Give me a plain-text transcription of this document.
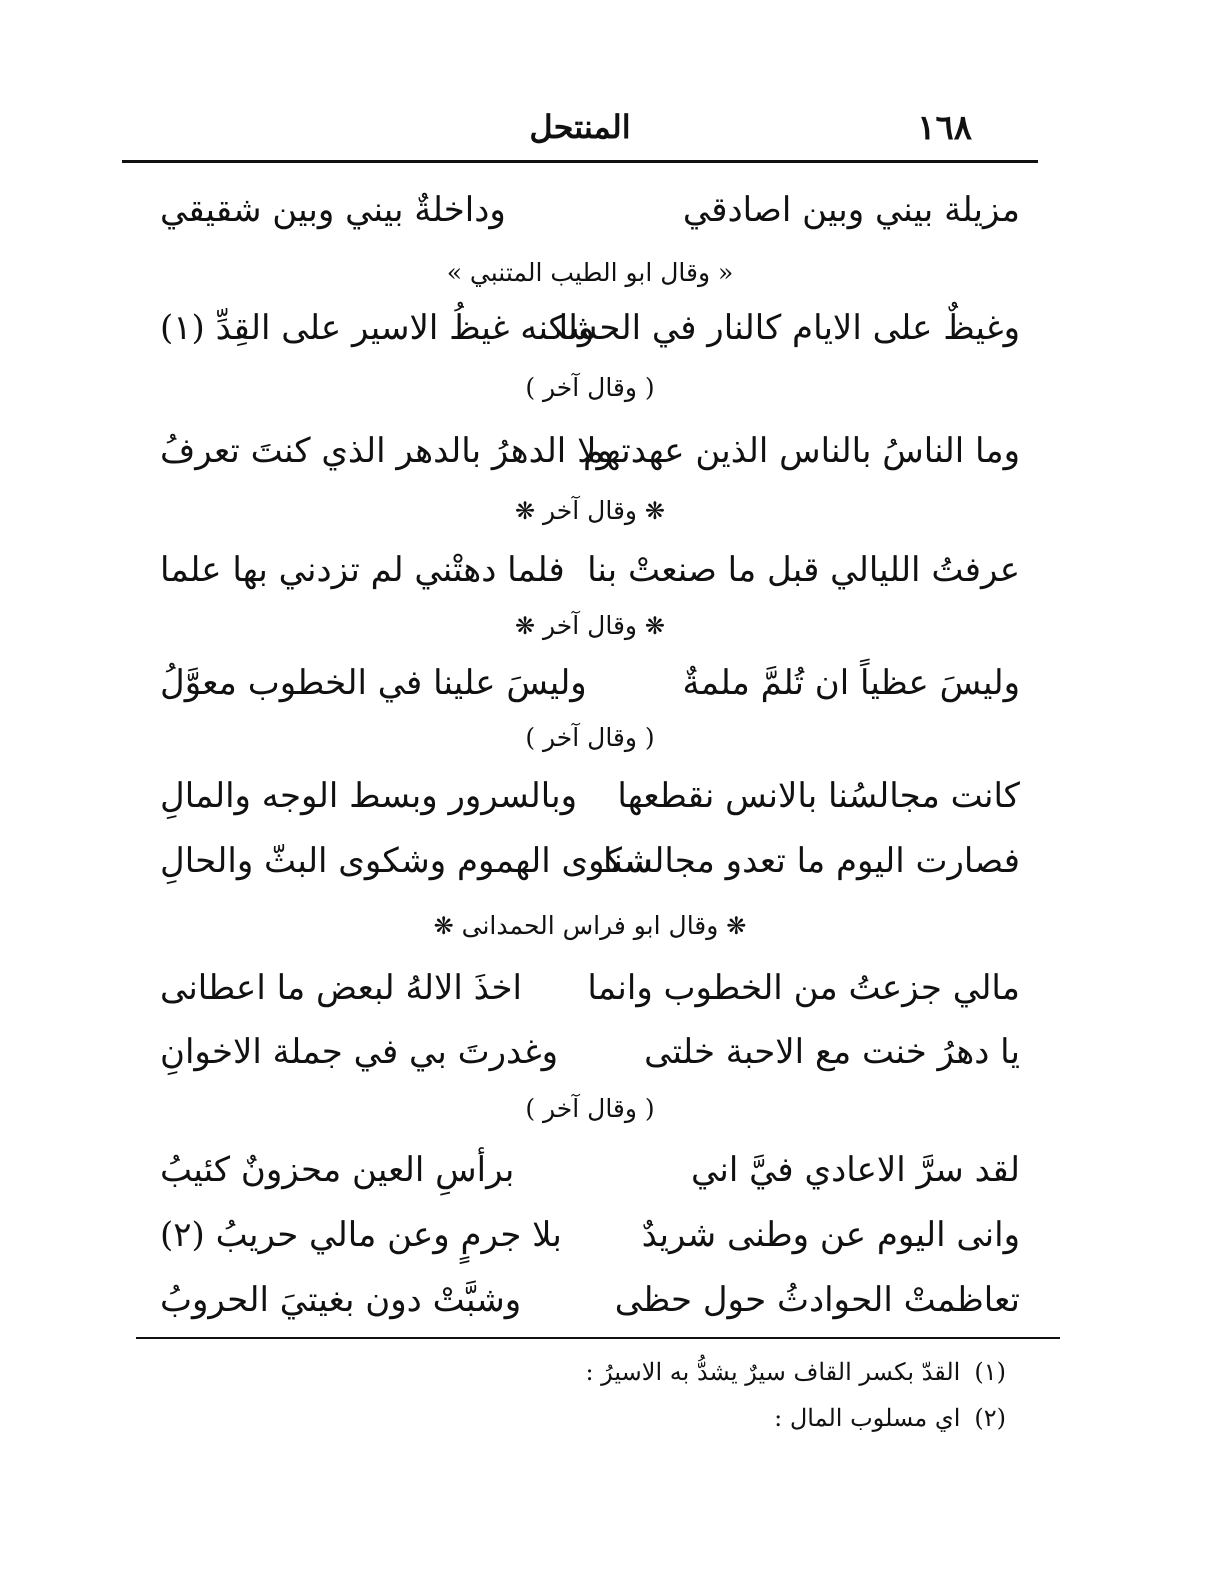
١٦٨
المنتحل
مزيلة بيني وبين اصادقي
وداخلةٌ بيني وبين شقيقي
« وقال ابو الطيب المتنبي »
وغيظٌ على الايام كالنار في الحشا
ولكنه غيظُ الاسير على القِدِّ (١)
( وقال آخر )
وما الناسُ بالناس الذين عهدتهم
ولا الدهرُ بالدهر الذي كنتَ تعرفُ
❋ وقال آخر ❋
عرفتُ الليالي قبل ما صنعتْ بنا
فلما دهتْني لم تزدني بها علما
❋ وقال آخر ❋
وليسَ عظياً ان تُلمَّ ملمةٌ
وليسَ علينا في الخطوب معوَّلُ
( وقال آخر )
كانت مجالسُنا بالانس نقطعها
وبالسرور وبسط الوجه والمالِ
فصارت اليوم ما تعدو مجالسنا
شكوى الهموم وشكوى البثّ والحالِ
❋ وقال ابو فراس الحمدانى ❋
مالي جزعتُ من الخطوب وانما
اخذَ الالهُ لبعض ما اعطانى
يا دهرُ خنت مع الاحبة خلتى
وغدرتَ بي في جملة الاخوانِ
( وقال آخر )
لقد سرَّ الاعادي فيَّ اني
برأسِ العين محزونٌ كئيبُ
وانى اليوم عن وطنى شريدٌ
بلا جرمٍ وعن مالي حريبُ (٢)
تعاظمتْ الحوادثُ حول حظى
وشبَّتْ دون بغيتيَ الحروبُ
(١)القدّ بكسر القاف سيرٌ يشدُّ به الاسيرُ :
(٢)اي مسلوب المال :
